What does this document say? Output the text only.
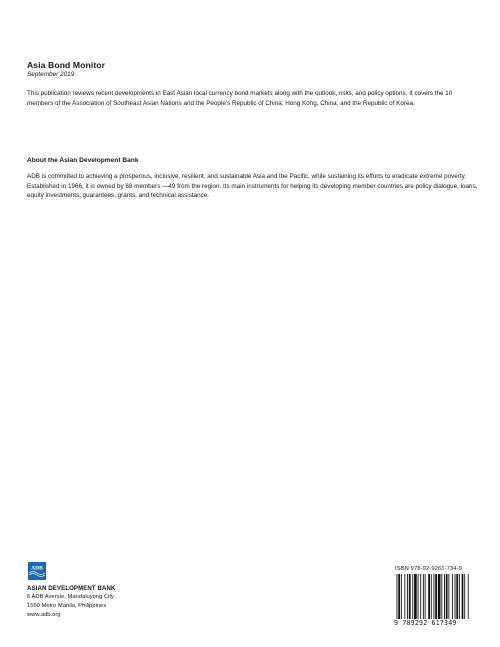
Asia Bond Monitor
September 2019
This publication reviews recent developments in East Asian local currency bond markets along with the outlook, risks, and policy options. It covers the 10 members of the Association of Southeast Asian Nations and the People’s Republic of China; Hong Kong, China; and the Republic of Korea.
About the Asian Development Bank
ADB is committed to achieving a prosperous, inclusive, resilient, and sustainable Asia and the Pacific, while sustaining its efforts to eradicate extreme poverty. Established in 1966, it is owned by 68 members —49 from the region. Its main instruments for helping its developing member countries are policy dialogue, loans, equity investments, guarantees, grants, and technical assistance.
ADB
ASIAN DEVELOPMENT BANK
6 ADB Avenue, Mandaluyong City
1550 Metro Manila, Philippines
www.adb.org
ISBN 978-92-9261-734-9
9 789292 617349
